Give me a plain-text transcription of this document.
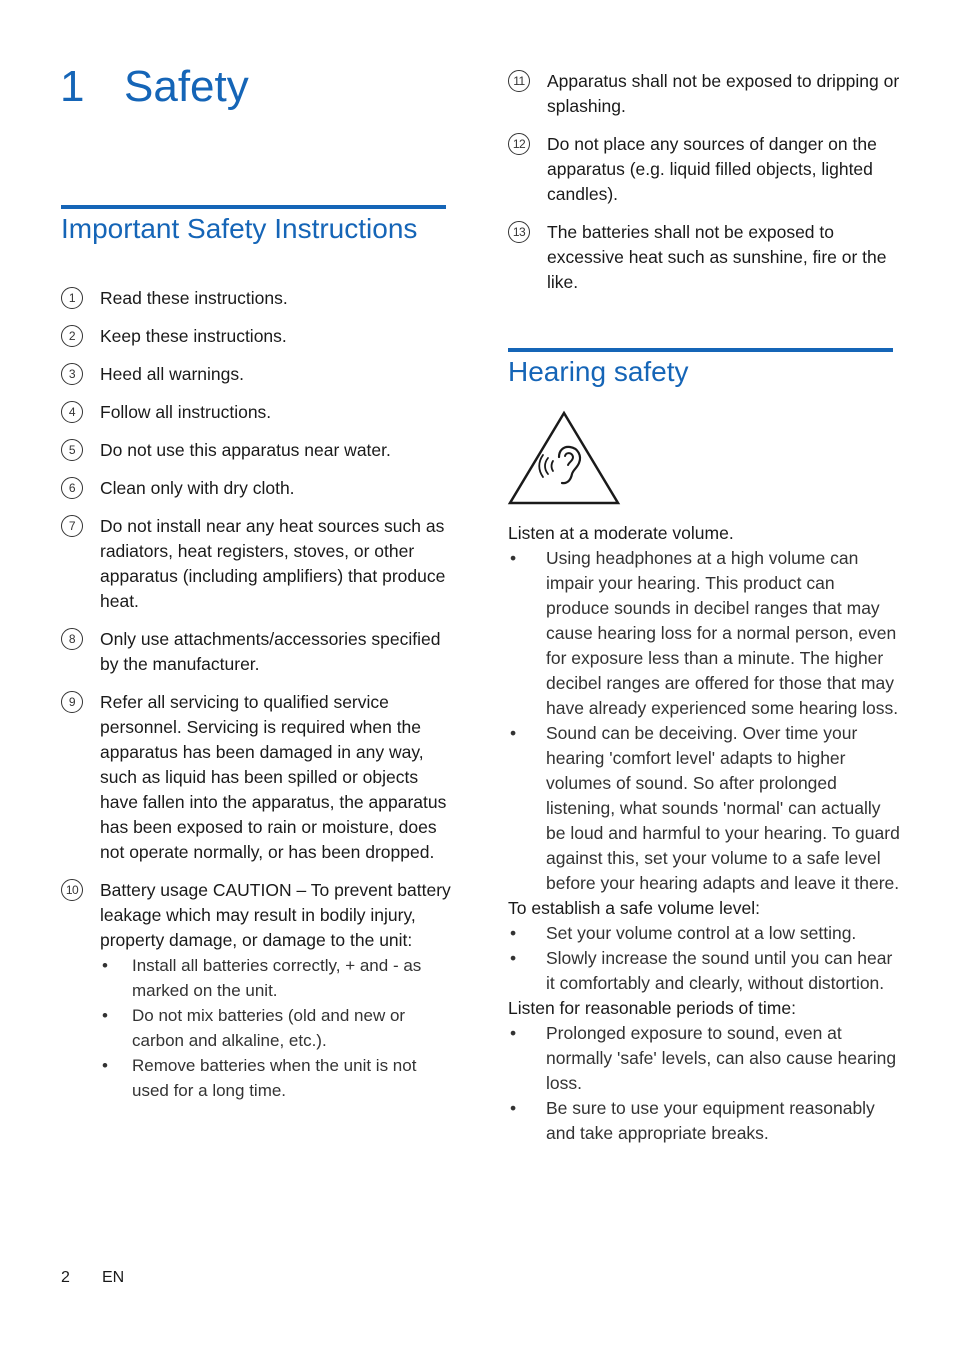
1 Safety
Important Safety Instructions
1	Read these instructions.
2	Keep these instructions.
3	Heed all warnings.
4	Follow all instructions.
5	Do not use this apparatus near water.
6	Clean only with dry cloth.
7	Do not install near any heat sources such as radiators, heat registers, stoves, or other apparatus (including amplifiers) that produce heat.
8	Only use attachments/accessories specified by the manufacturer.
9	Refer all servicing to qualified service personnel. Servicing is required when the apparatus has been damaged in any way, such as liquid has been spilled or objects have fallen into the apparatus, the apparatus has been exposed to rain or moisture, does not operate normally, or has been dropped.
10 Battery usage CAUTION – To prevent battery leakage which may result in bodily injury, property damage, or damage to the unit:
• Install all batteries correctly, + and - as marked on the unit.
• Do not mix batteries (old and new or carbon and alkaline, etc.).
• Remove batteries when the unit is not used for a long time.
11	Apparatus shall not be exposed to dripping or splashing.
12 Do not place any sources of danger on the apparatus (e.g. liquid filled objects, lighted candles).
13 The batteries shall not be exposed to excessive heat such as sunshine, fire or the like.
Hearing safety

Listen at a moderate volume.

• Using headphones at a high volume can impair your hearing. This product can produce sounds in decibel ranges that may cause hearing loss for a normal person, even for exposure less than a minute. The higher decibel ranges are offered for those that may have already experienced some hearing loss.
• Sound can be deceiving. Over time your hearing 'comfort level' adapts to higher volumes of sound. So after prolonged listening, what sounds 'normal' can actually be loud and harmful to your hearing. To guard against this, set your volume to a safe level before your hearing adapts and leave it there.

To establish a safe volume level:

• Set your volume control at a low setting.
• Slowly increase the sound until you can hear it comfortably and clearly, without distortion.

Listen for reasonable periods of time:

• Prolonged exposure to sound, even at normally 'safe' levels, can also cause hearing loss.
• Be sure to use your equipment reasonably and take appropriate breaks.
2 EN
